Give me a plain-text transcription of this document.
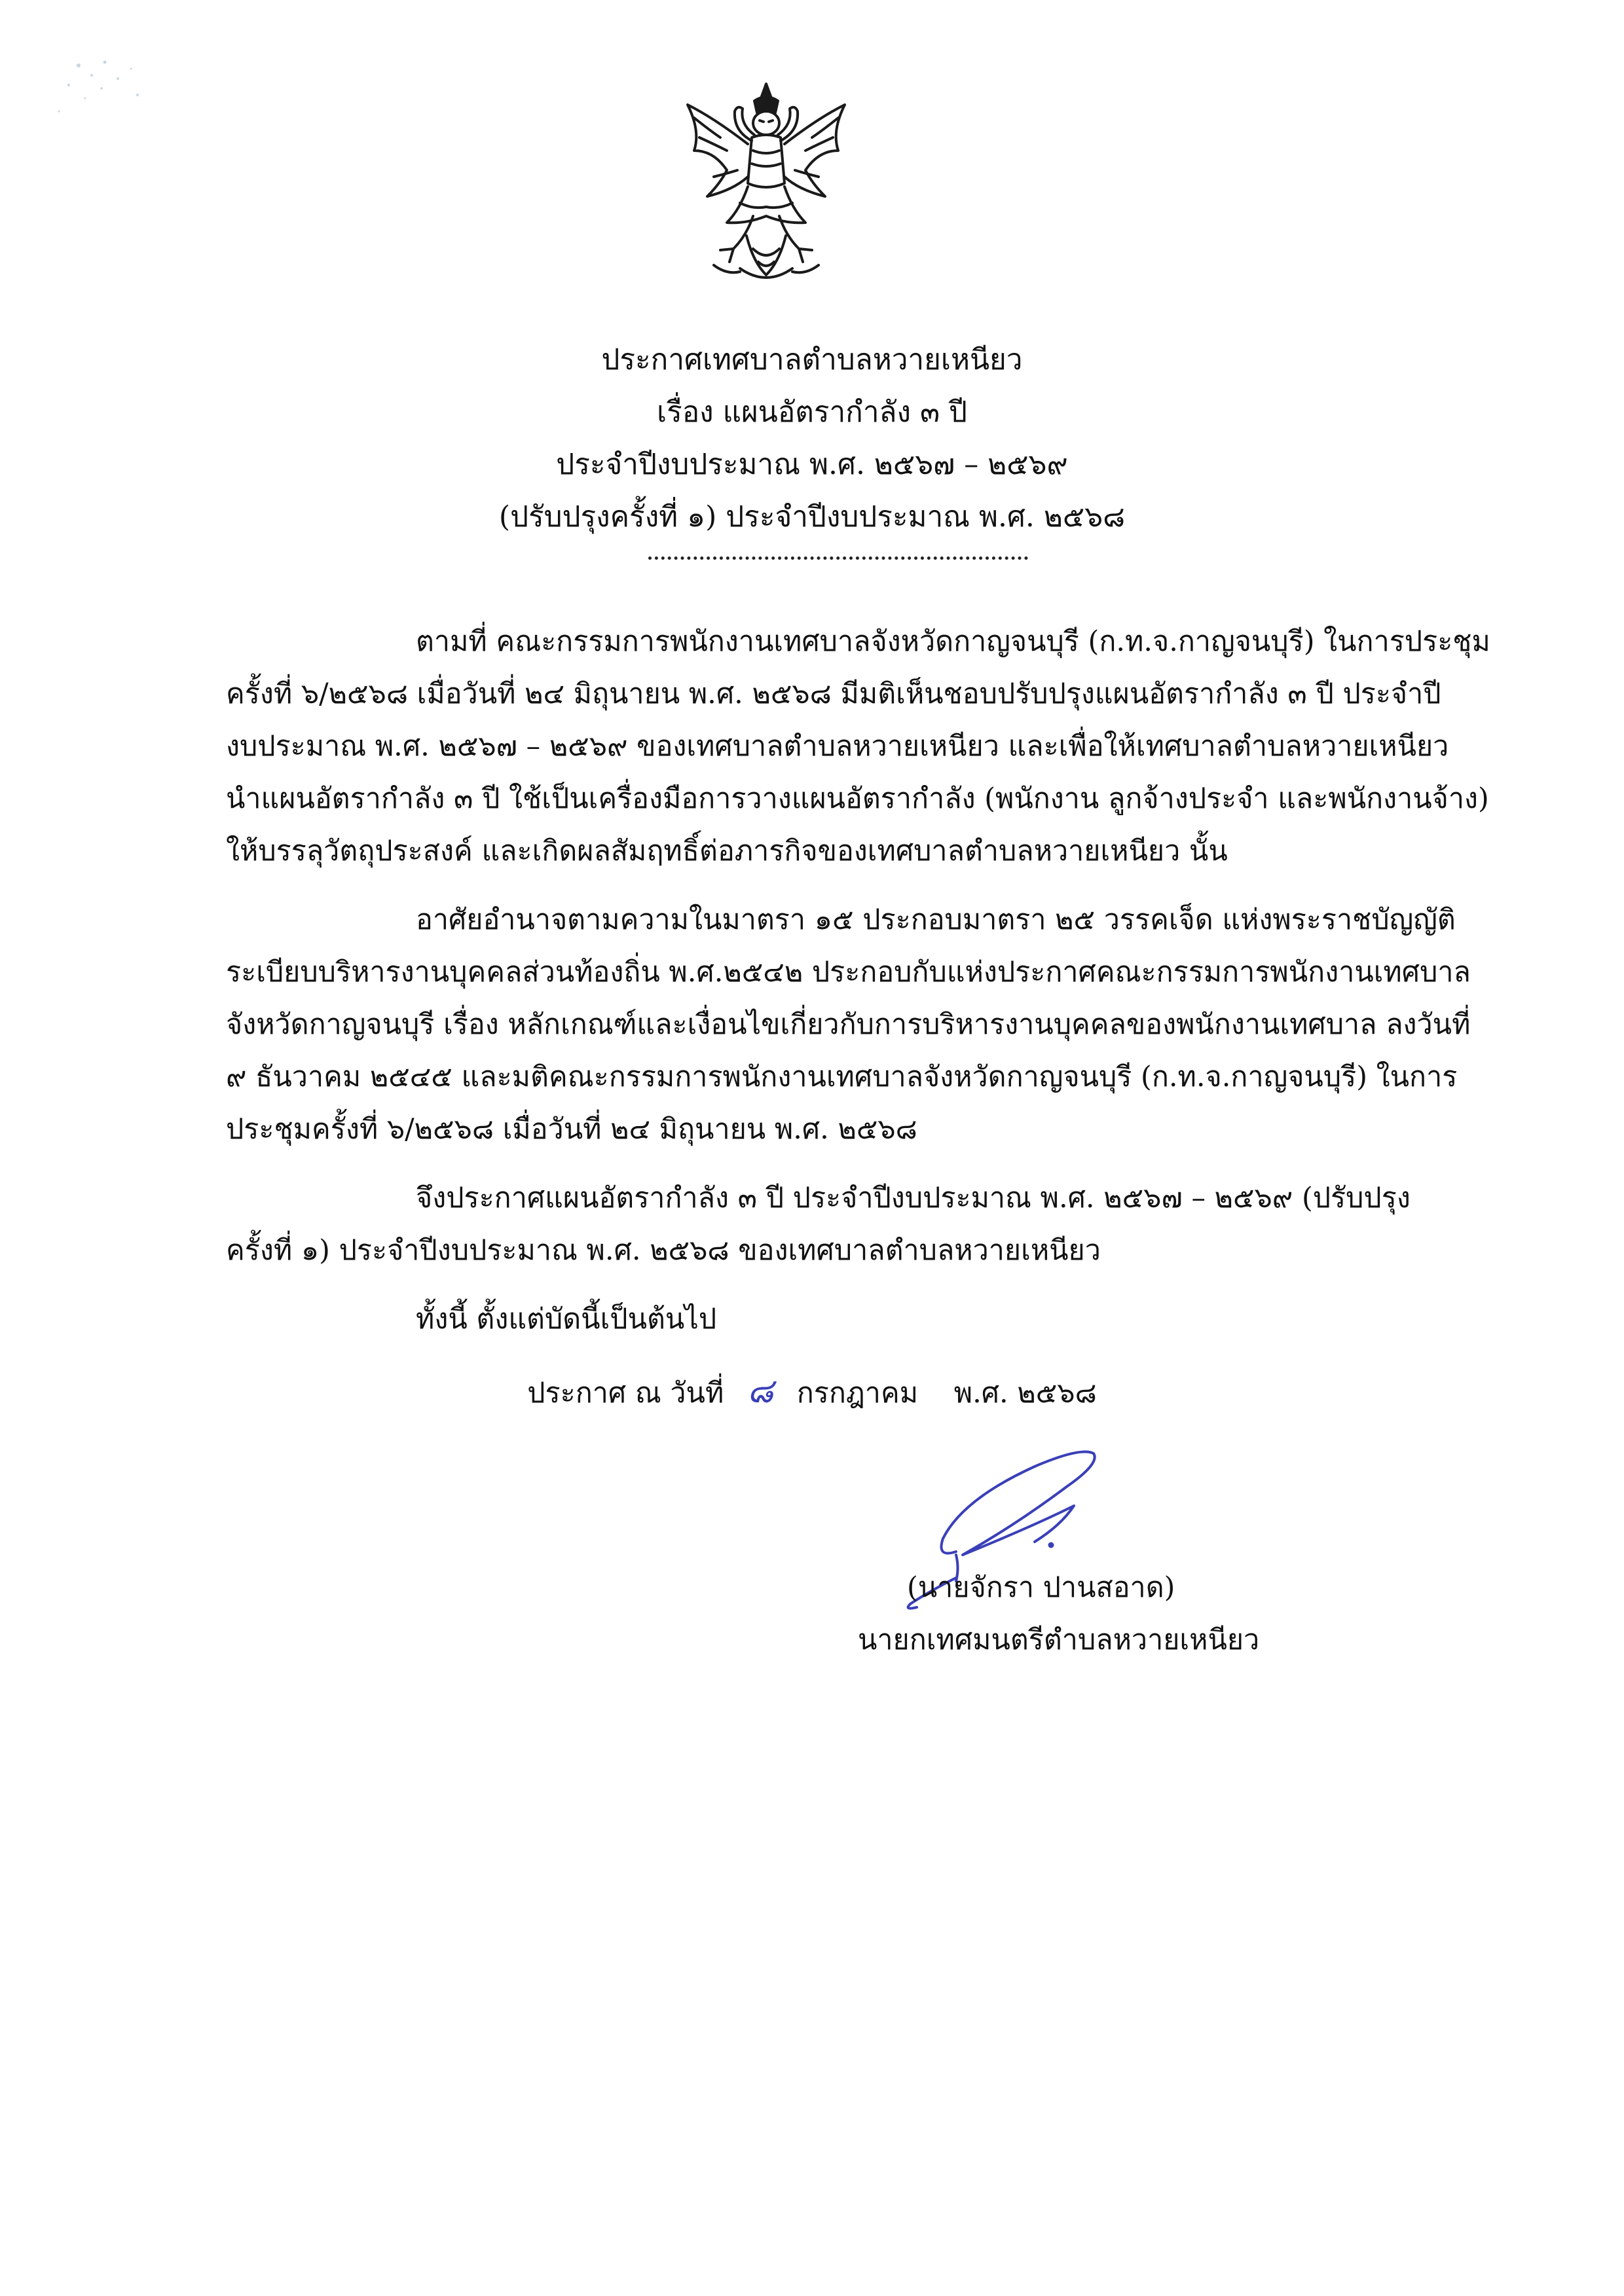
ประกาศเทศบาลตำบลหวายเหนียว
เรื่อง แผนอัตรากำลัง ๓ ปี
ประจำปีงบประมาณ พ.ศ. ๒๕๖๗ – ๒๕๖๙
(ปรับปรุงครั้งที่ ๑) ประจำปีงบประมาณ พ.ศ. ๒๕๖๘
ตามที่ คณะกรรมการพนักงานเทศบาลจังหวัดกาญจนบุรี (ก.ท.จ.กาญจนบุรี) ในการประชุม
ครั้งที่ ๖/๒๕๖๘ เมื่อวันที่ ๒๔ มิถุนายน พ.ศ. ๒๕๖๘ มีมติเห็นชอบปรับปรุงแผนอัตรากำลัง ๓ ปี ประจำปี
งบประมาณ พ.ศ. ๒๕๖๗ – ๒๕๖๙ ของเทศบาลตำบลหวายเหนียว และเพื่อให้เทศบาลตำบลหวายเหนียว
นำแผนอัตรากำลัง ๓ ปี ใช้เป็นเครื่องมือการวางแผนอัตรากำลัง (พนักงาน ลูกจ้างประจำ และพนักงานจ้าง)
ให้บรรลุวัตถุประสงค์ และเกิดผลสัมฤทธิ์ต่อภารกิจของเทศบาลตำบลหวายเหนียว นั้น
อาศัยอำนาจตามความในมาตรา ๑๕ ประกอบมาตรา ๒๕ วรรคเจ็ด แห่งพระราชบัญญัติ
ระเบียบบริหารงานบุคคลส่วนท้องถิ่น พ.ศ.๒๕๔๒ ประกอบกับแห่งประกาศคณะกรรมการพนักงานเทศบาล
จังหวัดกาญจนบุรี เรื่อง หลักเกณฑ์และเงื่อนไขเกี่ยวกับการบริหารงานบุคคลของพนักงานเทศบาล ลงวันที่
๙ ธันวาคม ๒๕๔๕ และมติคณะกรรมการพนักงานเทศบาลจังหวัดกาญจนบุรี (ก.ท.จ.กาญจนบุรี) ในการ
ประชุมครั้งที่ ๖/๒๕๖๘ เมื่อวันที่ ๒๔ มิถุนายน พ.ศ. ๒๕๖๘
จึงประกาศแผนอัตรากำลัง ๓ ปี ประจำปีงบประมาณ พ.ศ. ๒๕๖๗ – ๒๕๖๙ (ปรับปรุง
ครั้งที่ ๑) ประจำปีงบประมาณ พ.ศ. ๒๕๖๘ ของเทศบาลตำบลหวายเหนียว
ทั้งนี้ ตั้งแต่บัดนี้เป็นต้นไป
ประกาศ ณ วันที่ ๘ กรกฎาคม พ.ศ. ๒๕๖๘
(นายจักรา ปานสอาด)
นายกเทศมนตรีตำบลหวายเหนียว
